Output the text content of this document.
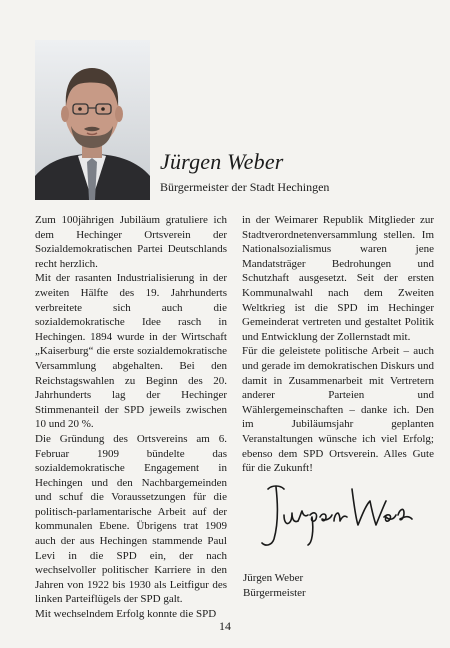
Jürgen Weber
Bürgermeister der Stadt Hechingen

Zum 100jährigen Jubiläum gratuliere ich dem Hechinger Ortsverein der Sozialdemokratischen Partei Deutschlands recht herzlich.

Mit der rasanten Industrialisierung in der zweiten Hälfte des 19. Jahrhunderts verbreitete sich auch die sozialdemokratische Idee rasch in Hechingen. 1894 wurde in der Wirtschaft „Kaiserburg“ die erste sozialdemokratische Versammlung abgehalten. Bei den Reichstagswahlen zu Beginn des 20. Jahrhunderts lag der Hechinger Stimmenanteil der SPD jeweils zwischen 10 und 20 %.

Die Gründung des Ortsvereins am 6. Februar 1909 bündelte das sozialdemokratische Engagement in Hechingen und den Nachbargemeinden und schuf die Voraussetzungen für die politisch-parlamentarische Arbeit auf der kommunalen Ebene. Übrigens trat 1909 auch der aus Hechingen stammende Paul Levi in die SPD ein, der nach wechselvoller politischer Karriere in den Jahren von 1922 bis 1930 als Leitfigur des linken Parteiflügels der SPD galt.

Mit wechselndem Erfolg konnte die SPD

in der Weimarer Republik Mitglieder zur Stadtverordnetenversammlung stellen. Im Nationalsozialismus waren jene Mandatsträger Bedrohungen und Schutzhaft ausgesetzt. Seit der ersten Kommunalwahl nach dem Zweiten Weltkrieg ist die SPD im Hechinger Gemeinderat vertreten und gestaltet Politik und Entwicklung der Zollernstadt mit.

Für die geleistete politische Arbeit – auch und gerade im demokratischen Diskurs und damit in Zusammenarbeit mit Vertretern anderer Parteien und Wählergemeinschaften – danke ich. Den im Jubiläumsjahr geplanten Veranstaltungen wünsche ich viel Erfolg; ebenso dem SPD Ortsverein. Alles Gute für die Zukunft!

Jürgen Weber
Bürgermeister
14
